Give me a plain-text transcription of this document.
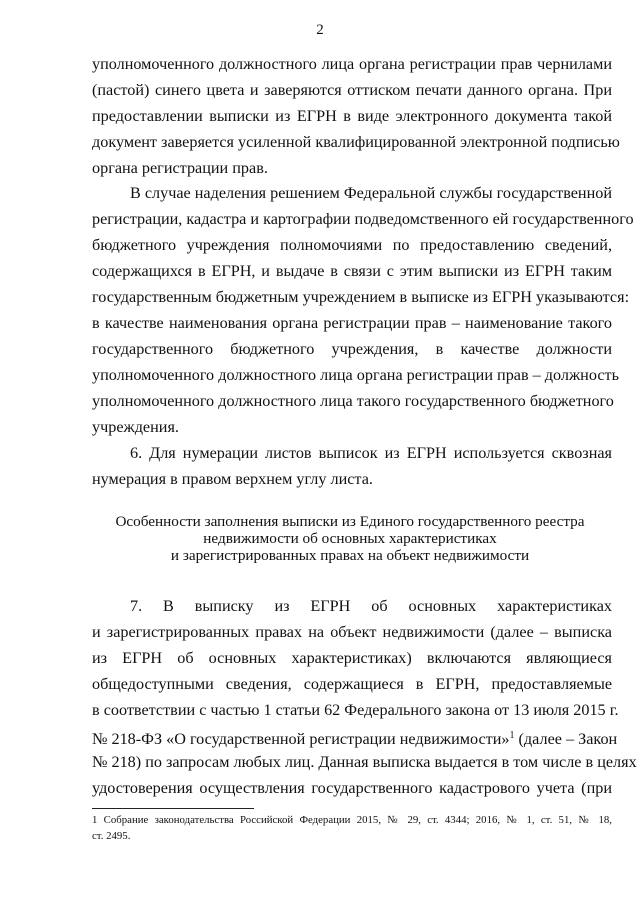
2
уполномоченного должностного лица органа регистрации прав чернилами
(пастой) синего цвета и заверяются оттиском печати данного органа. При
предоставлении выписки из ЕГРН в виде электронного документа такой
документ заверяется усиленной квалифицированной электронной подписью
органа регистрации прав.
В случае наделения решением Федеральной службы государственной
регистрации, кадастра и картографии подведомственного ей государственного
бюджетного учреждения полномочиями по предоставлению сведений,
содержащихся в ЕГРН, и выдаче в связи с этим выписки из ЕГРН таким
государственным бюджетным учреждением в выписке из ЕГРН указываются:
в качестве наименования органа регистрации прав – наименование такого
государственного бюджетного учреждения, в качестве должности
уполномоченного должностного лица органа регистрации прав – должность
уполномоченного должностного лица такого государственного бюджетного
учреждения.
6. Для нумерации листов выписок из ЕГРН используется сквозная
нумерация в правом верхнем углу листа.
Особенности заполнения выписки из Единого государственного реестра
недвижимости об основных характеристиках
и зарегистрированных правах на объект недвижимости
7. В выписку из ЕГРН об основных характеристиках
и зарегистрированных правах на объект недвижимости (далее – выписка
из ЕГРН об основных характеристиках) включаются являющиеся
общедоступными сведения, содержащиеся в ЕГРН, предоставляемые
в соответствии с частью 1 статьи 62 Федерального закона от 13 июля 2015 г.
№ 218-ФЗ «О государственной регистрации недвижимости»$^1$ (далее – Закон
№ 218) по запросам любых лиц. Данная выписка выдается в том числе в целях
удостоверения осуществления государственного кадастрового учета (при
1 Собрание законодательства Российской Федерации 2015, № 29, ст. 4344; 2016, № 1, ст. 51, № 18,
ст. 2495.
